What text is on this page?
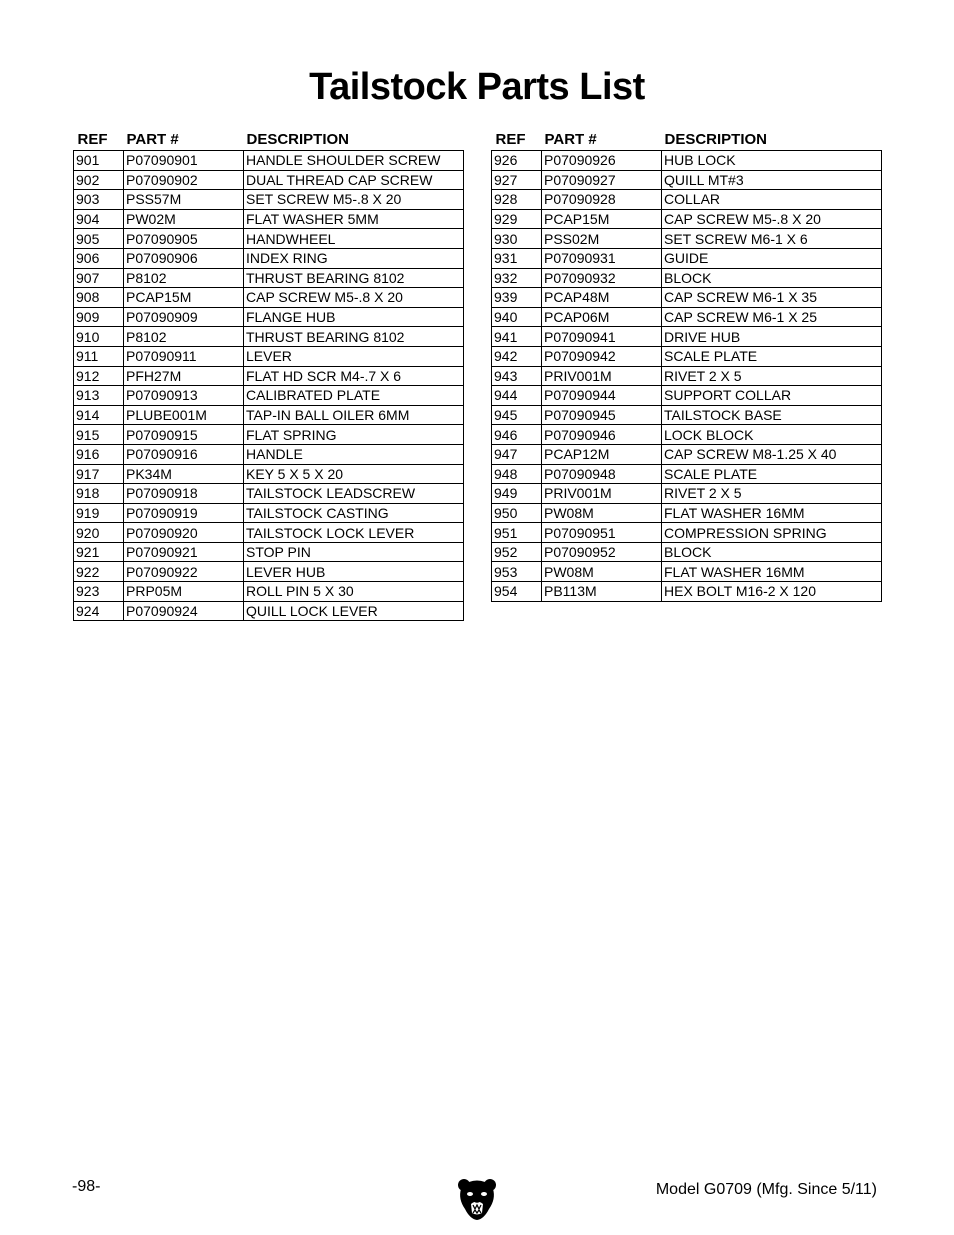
Tailstock Parts List
REF	PART #	DESCRIPTION
901	P07090901	HANDLE SHOULDER SCREW
902	P07090902	DUAL THREAD CAP SCREW
903	PSS57M	SET SCREW M5-.8 X 20
904	PW02M	FLAT WASHER 5MM
905	P07090905	HANDWHEEL
906	P07090906	INDEX RING
907	P8102	THRUST BEARING 8102
908	PCAP15M	CAP SCREW M5-.8 X 20
909	P07090909	FLANGE HUB
910	P8102	THRUST BEARING 8102
911	P07090911	LEVER
912	PFH27M	FLAT HD SCR M4-.7 X 6
913	P07090913	CALIBRATED PLATE
914	PLUBE001M	TAP-IN BALL OILER 6MM
915	P07090915	FLAT SPRING
916	P07090916	HANDLE
917	PK34M	KEY 5 X 5 X 20
918	P07090918	TAILSTOCK LEADSCREW
919	P07090919	TAILSTOCK CASTING
920	P07090920	TAILSTOCK LOCK LEVER
921	P07090921	STOP PIN
922	P07090922	LEVER HUB
923	PRP05M	ROLL PIN 5 X 30
924	P07090924	QUILL LOCK LEVER
REF	PART #	DESCRIPTION
926	P07090926	HUB LOCK
927	P07090927	QUILL MT#3
928	P07090928	COLLAR
929	PCAP15M	CAP SCREW M5-.8 X 20
930	PSS02M	SET SCREW M6-1 X 6
931	P07090931	GUIDE
932	P07090932	BLOCK
939	PCAP48M	CAP SCREW M6-1 X 35
940	PCAP06M	CAP SCREW M6-1 X 25
941	P07090941	DRIVE HUB
942	P07090942	SCALE PLATE
943	PRIV001M	RIVET 2 X 5
944	P07090944	SUPPORT COLLAR
945	P07090945	TAILSTOCK BASE
946	P07090946	LOCK BLOCK
947	PCAP12M	CAP SCREW M8-1.25 X 40
948	P07090948	SCALE PLATE
949	PRIV001M	RIVET 2 X 5
950	PW08M	FLAT WASHER 16MM
951	P07090951	COMPRESSION SPRING
952	P07090952	BLOCK
953	PW08M	FLAT WASHER 16MM
954	PB113M	HEX BOLT M16-2 X 120
-98-	Model G0709 (Mfg. Since 5/11)
